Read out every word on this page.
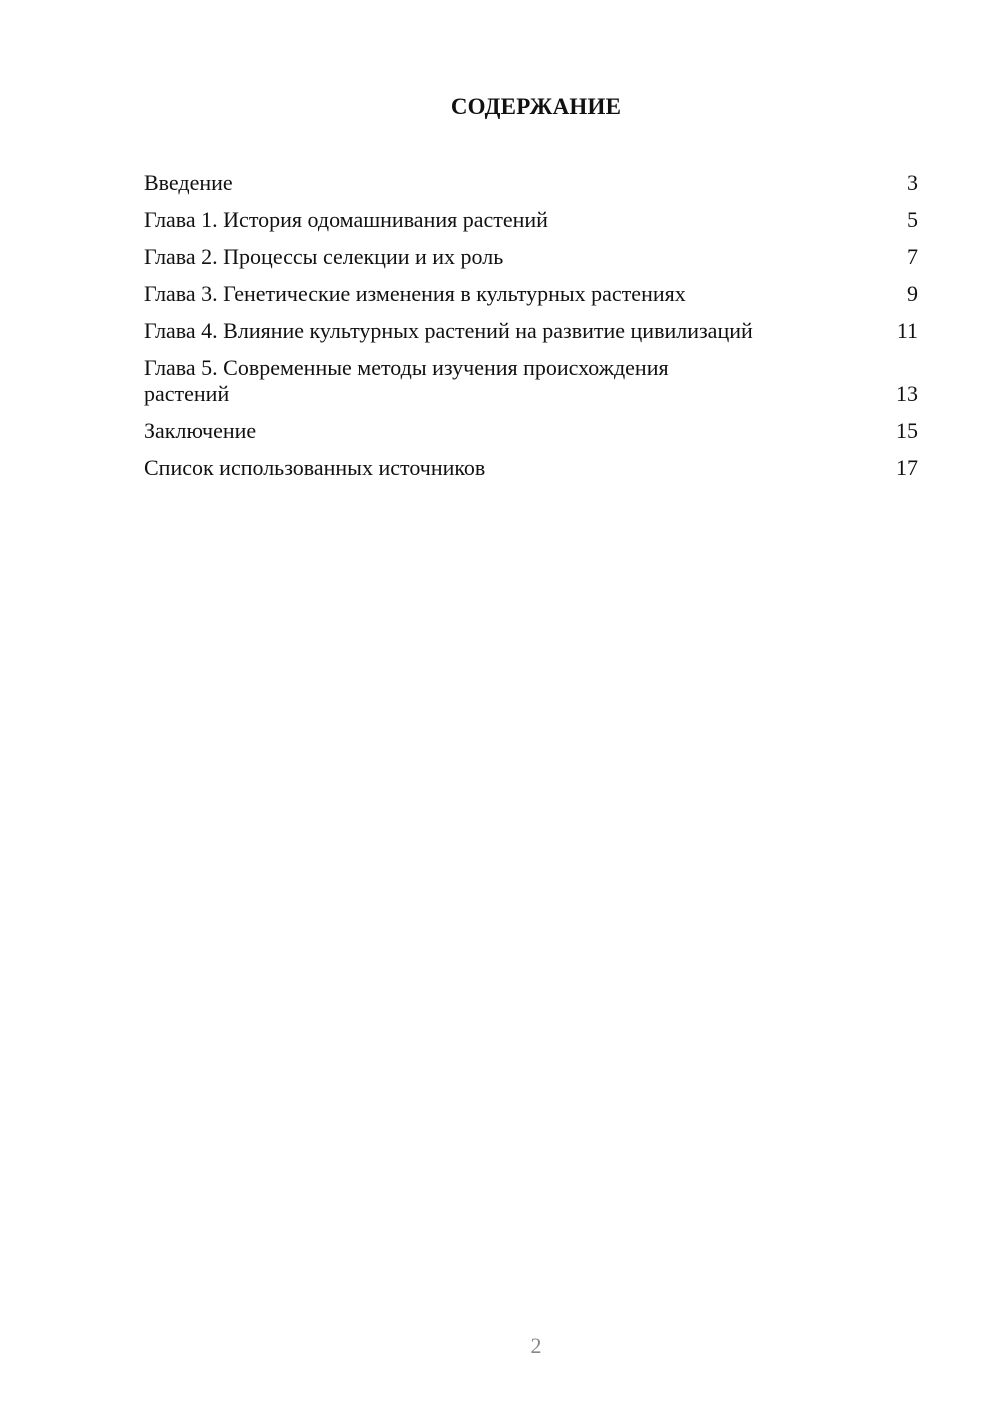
СОДЕРЖАНИЕ
Введение	3
Глава 1. История одомашнивания растений	5
Глава 2. Процессы селекции и их роль	7
Глава 3. Генетические изменения в культурных растениях	9
Глава 4. Влияние культурных растений на развитие цивилизаций	11
Глава 5. Современные методы изучения происхождения растений	13
Заключение	15
Список использованных источников	17
2
